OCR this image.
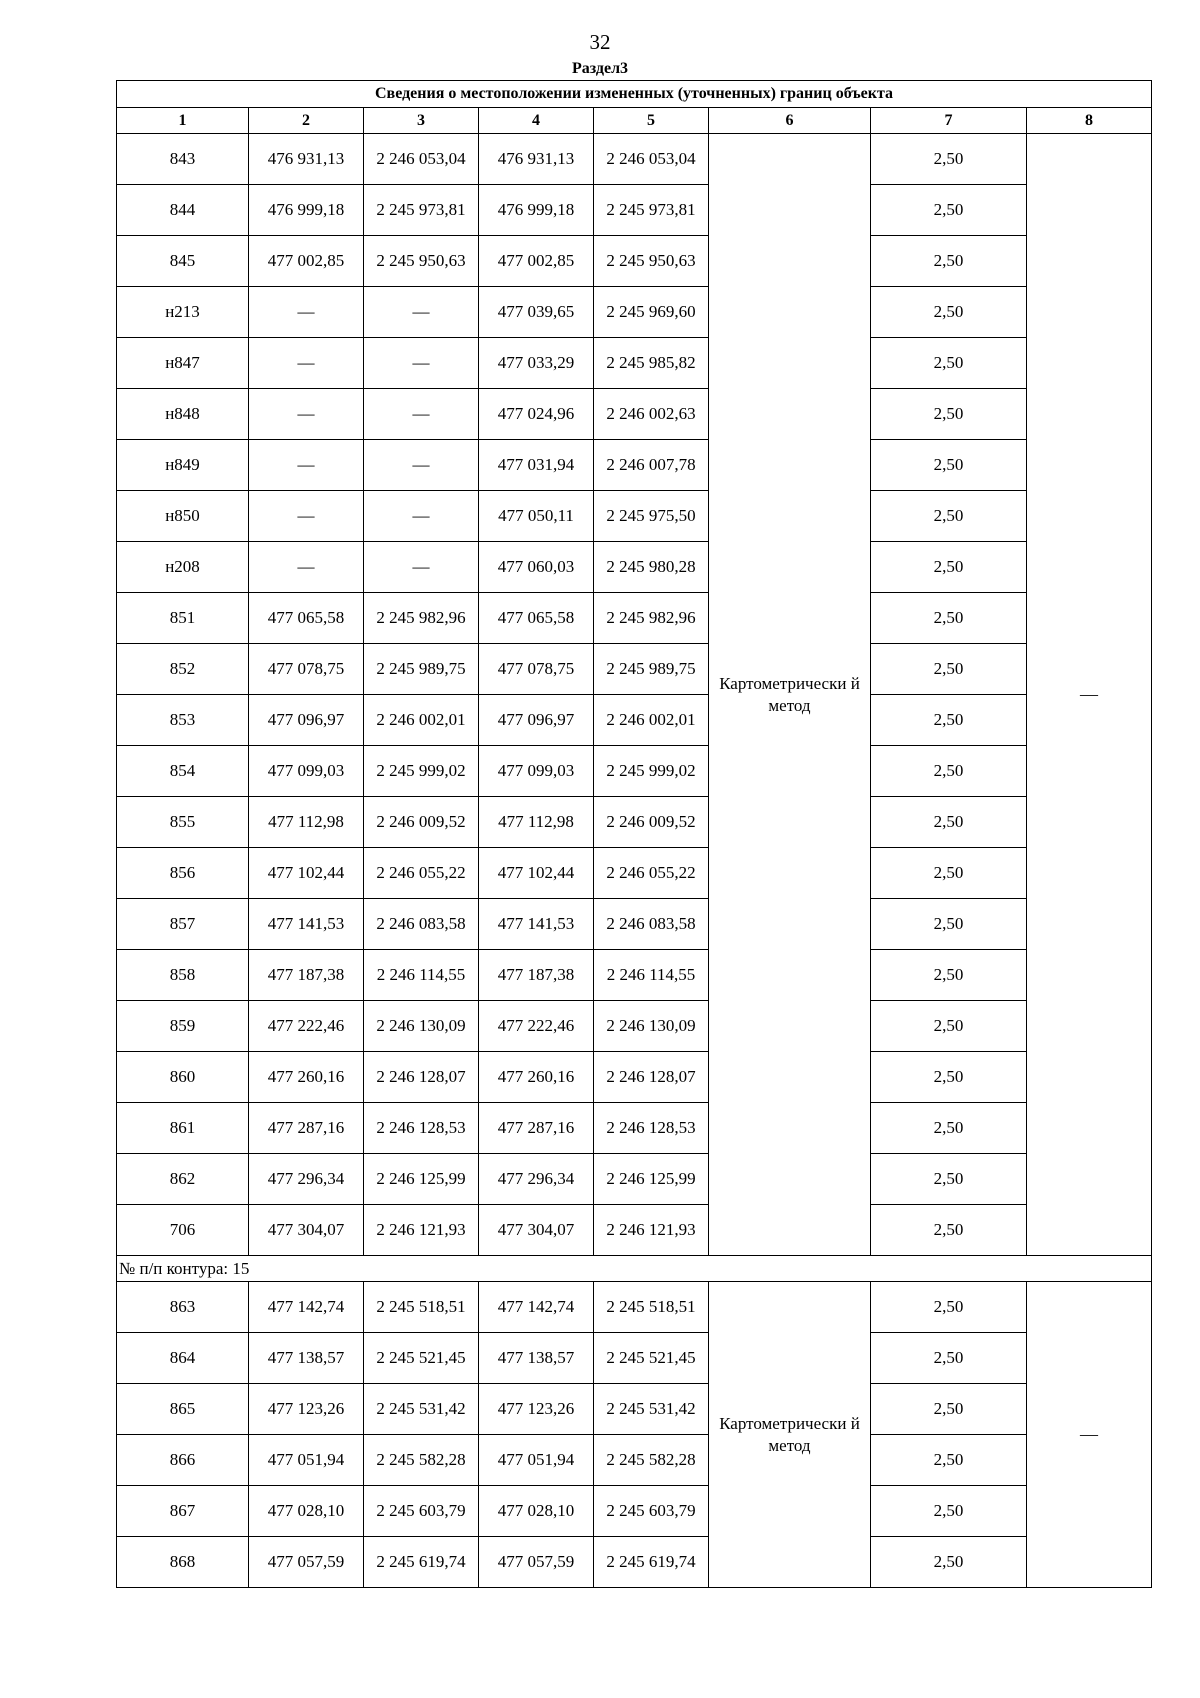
32
Раздел3
Сведения о местоположении измененных (уточненных) границ объекта							
1	2	3	4	5	6	7	8
843	476 931,13	2 246 053,04	476 931,13	2 246 053,04	Картометрически й метод	2,50	—
844	476 999,18	2 245 973,81	476 999,18	2 245 973,81		2,50	
845	477 002,85	2 245 950,63	477 002,85	2 245 950,63		2,50	
н213	—	—	477 039,65	2 245 969,60		2,50	
н847	—	—	477 033,29	2 245 985,82		2,50	
н848	—	—	477 024,96	2 246 002,63		2,50	
н849	—	—	477 031,94	2 246 007,78		2,50	
н850	—	—	477 050,11	2 245 975,50		2,50	
н208	—	—	477 060,03	2 245 980,28		2,50	
851	477 065,58	2 245 982,96	477 065,58	2 245 982,96		2,50	
852	477 078,75	2 245 989,75	477 078,75	2 245 989,75		2,50	
853	477 096,97	2 246 002,01	477 096,97	2 246 002,01		2,50	
854	477 099,03	2 245 999,02	477 099,03	2 245 999,02		2,50	
855	477 112,98	2 246 009,52	477 112,98	2 246 009,52		2,50	
856	477 102,44	2 246 055,22	477 102,44	2 246 055,22		2,50	
857	477 141,53	2 246 083,58	477 141,53	2 246 083,58		2,50	
858	477 187,38	2 246 114,55	477 187,38	2 246 114,55		2,50	
859	477 222,46	2 246 130,09	477 222,46	2 246 130,09		2,50	
860	477 260,16	2 246 128,07	477 260,16	2 246 128,07		2,50	
861	477 287,16	2 246 128,53	477 287,16	2 246 128,53		2,50	
862	477 296,34	2 246 125,99	477 296,34	2 246 125,99		2,50	
706	477 304,07	2 246 121,93	477 304,07	2 246 121,93		2,50	
№ п/п контура: 15							
863	477 142,74	2 245 518,51	477 142,74	2 245 518,51	Картометрически й метод	2,50	—
864	477 138,57	2 245 521,45	477 138,57	2 245 521,45		2,50	
865	477 123,26	2 245 531,42	477 123,26	2 245 531,42		2,50	
866	477 051,94	2 245 582,28	477 051,94	2 245 582,28		2,50	
867	477 028,10	2 245 603,79	477 028,10	2 245 603,79		2,50	
868	477 057,59	2 245 619,74	477 057,59	2 245 619,74		2,50	
